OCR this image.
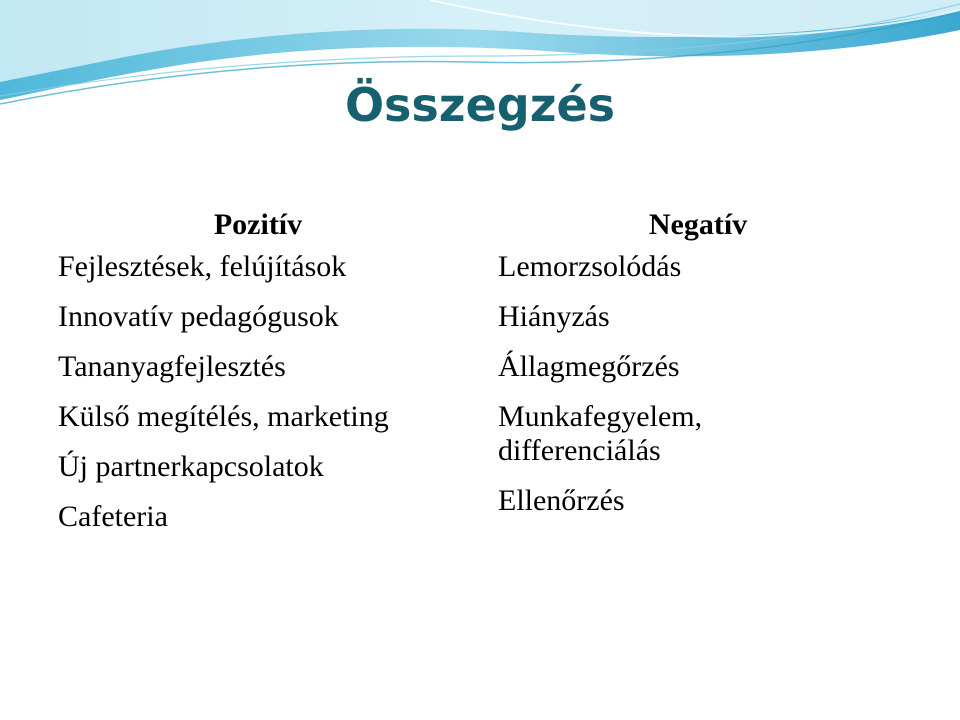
Összegzés
Pozitív
Fejlesztések, felújítások
Innovatív pedagógusok
Tananyagfejlesztés
Külső megítélés, marketing
Új partnerkapcsolatok
Cafeteria
Negatív
Lemorzsolódás
Hiányzás
Állagmegőrzés
Munkafegyelem, differenciálás
Ellenőrzés
